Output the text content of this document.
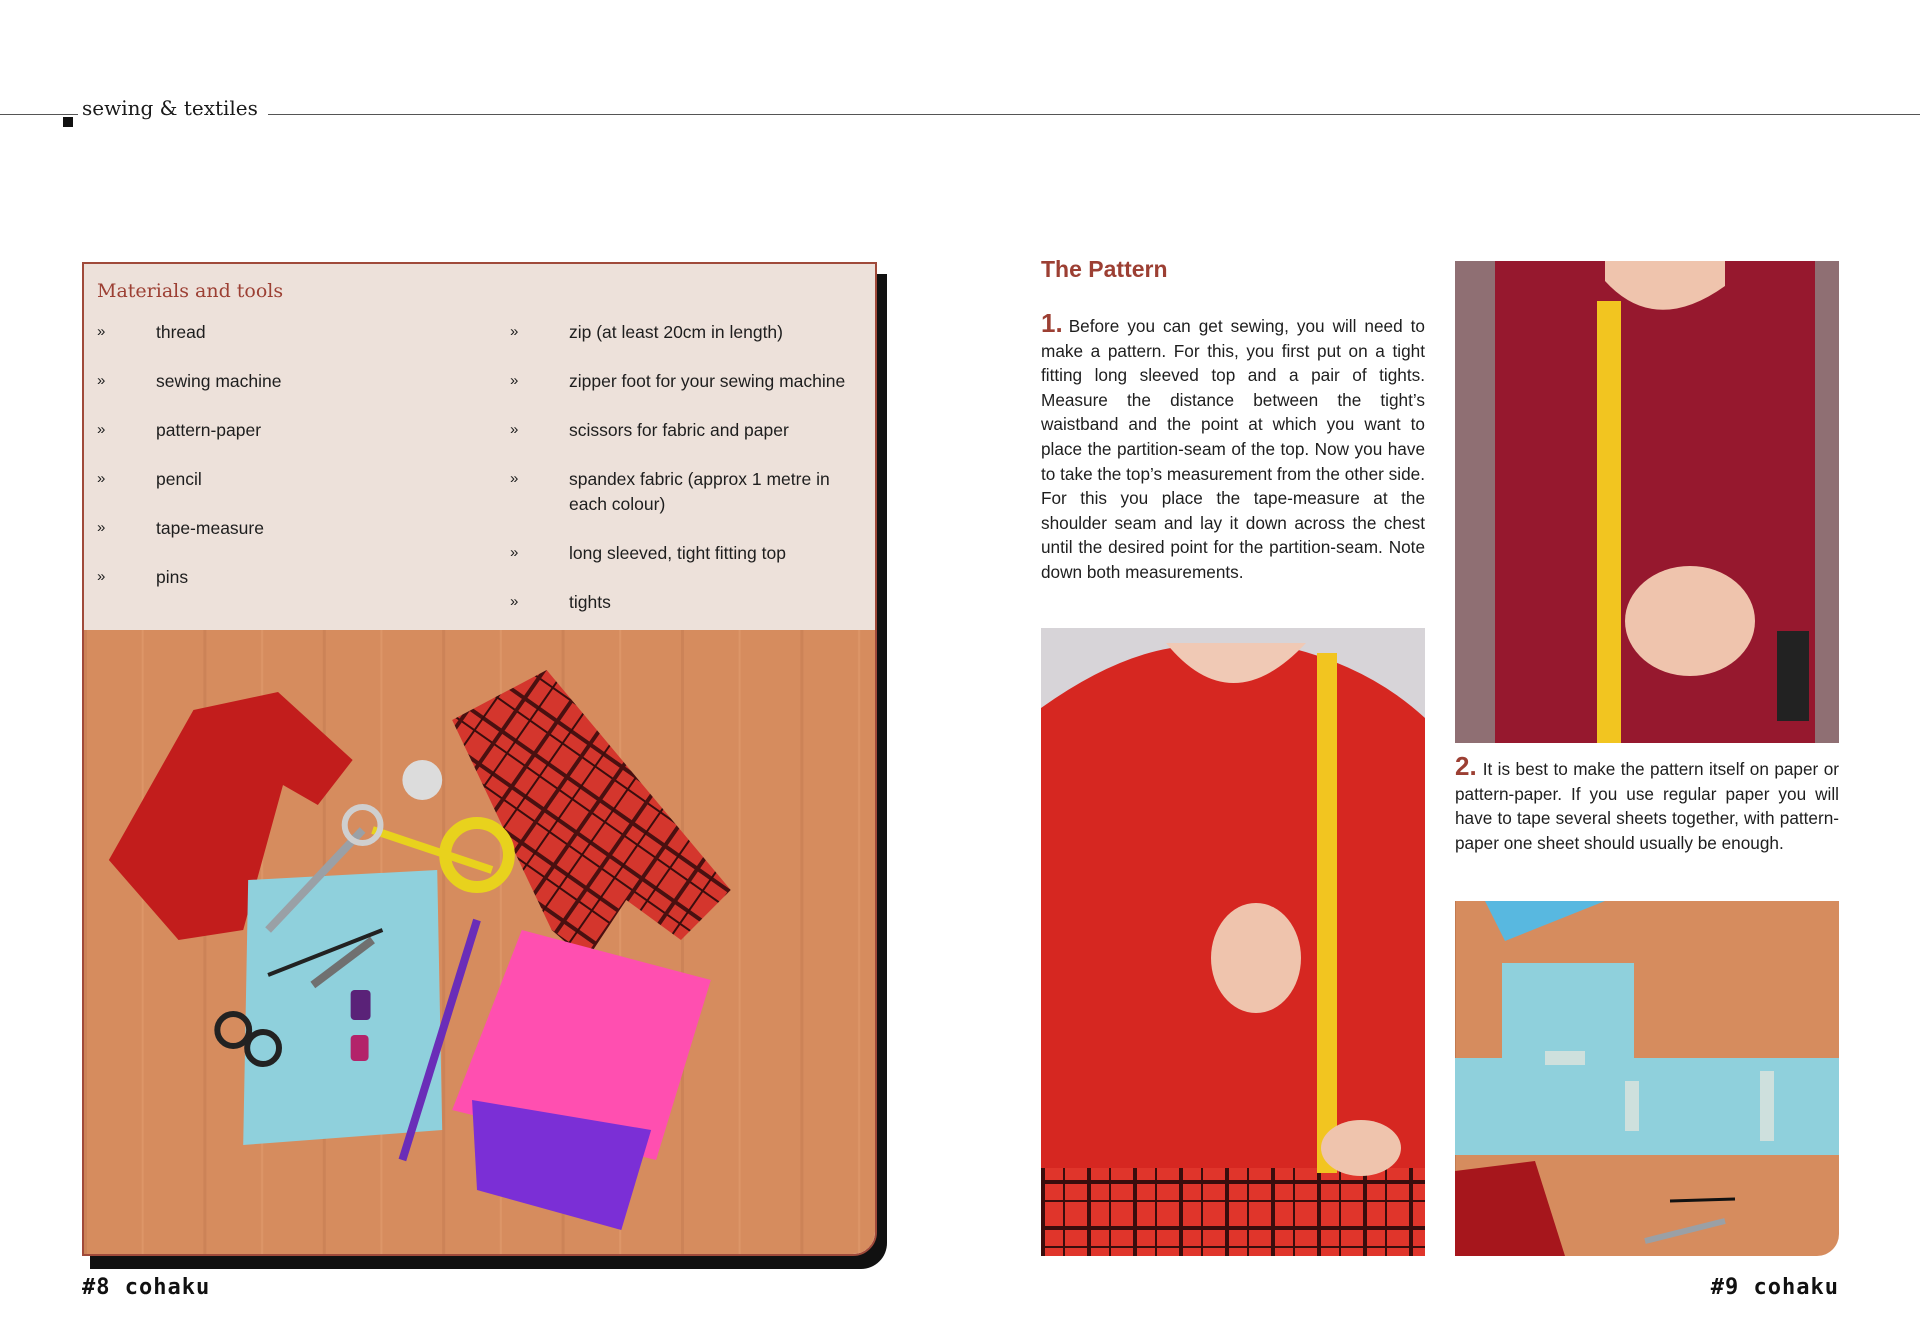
sewing & textiles
Materials and tools
»	thread
»	sewing machine
»	pattern-paper
»	pencil
»	tape-measure
»	pins
»	zip (at least 20cm in length)
»	zipper foot for your sewing machine
»	scissors for fabric and paper
»	spandex fabric (approx 1 metre in each colour)
»	long sleeved, tight fitting top
»	tights
The Pattern

1. Before you can get sewing, you will need to make a pattern. For this, you first put on a tight fitting long sleeved top and a pair of tights. Measure the distance between the tight’s waistband and the point at which you want to place the partition-seam of the top. Now you have to take the top’s measurement from the other side. For this you place the tape-measure at the shoulder seam and lay it down across the chest until the desired point for the partition-seam. Note down both measurements.

2. It is best to make the pattern itself on paper or pattern-paper. If you use regular paper you will have to tape several sheets together, with pattern-paper one sheet should usually be enough.

#8 cohaku	#9 cohaku
